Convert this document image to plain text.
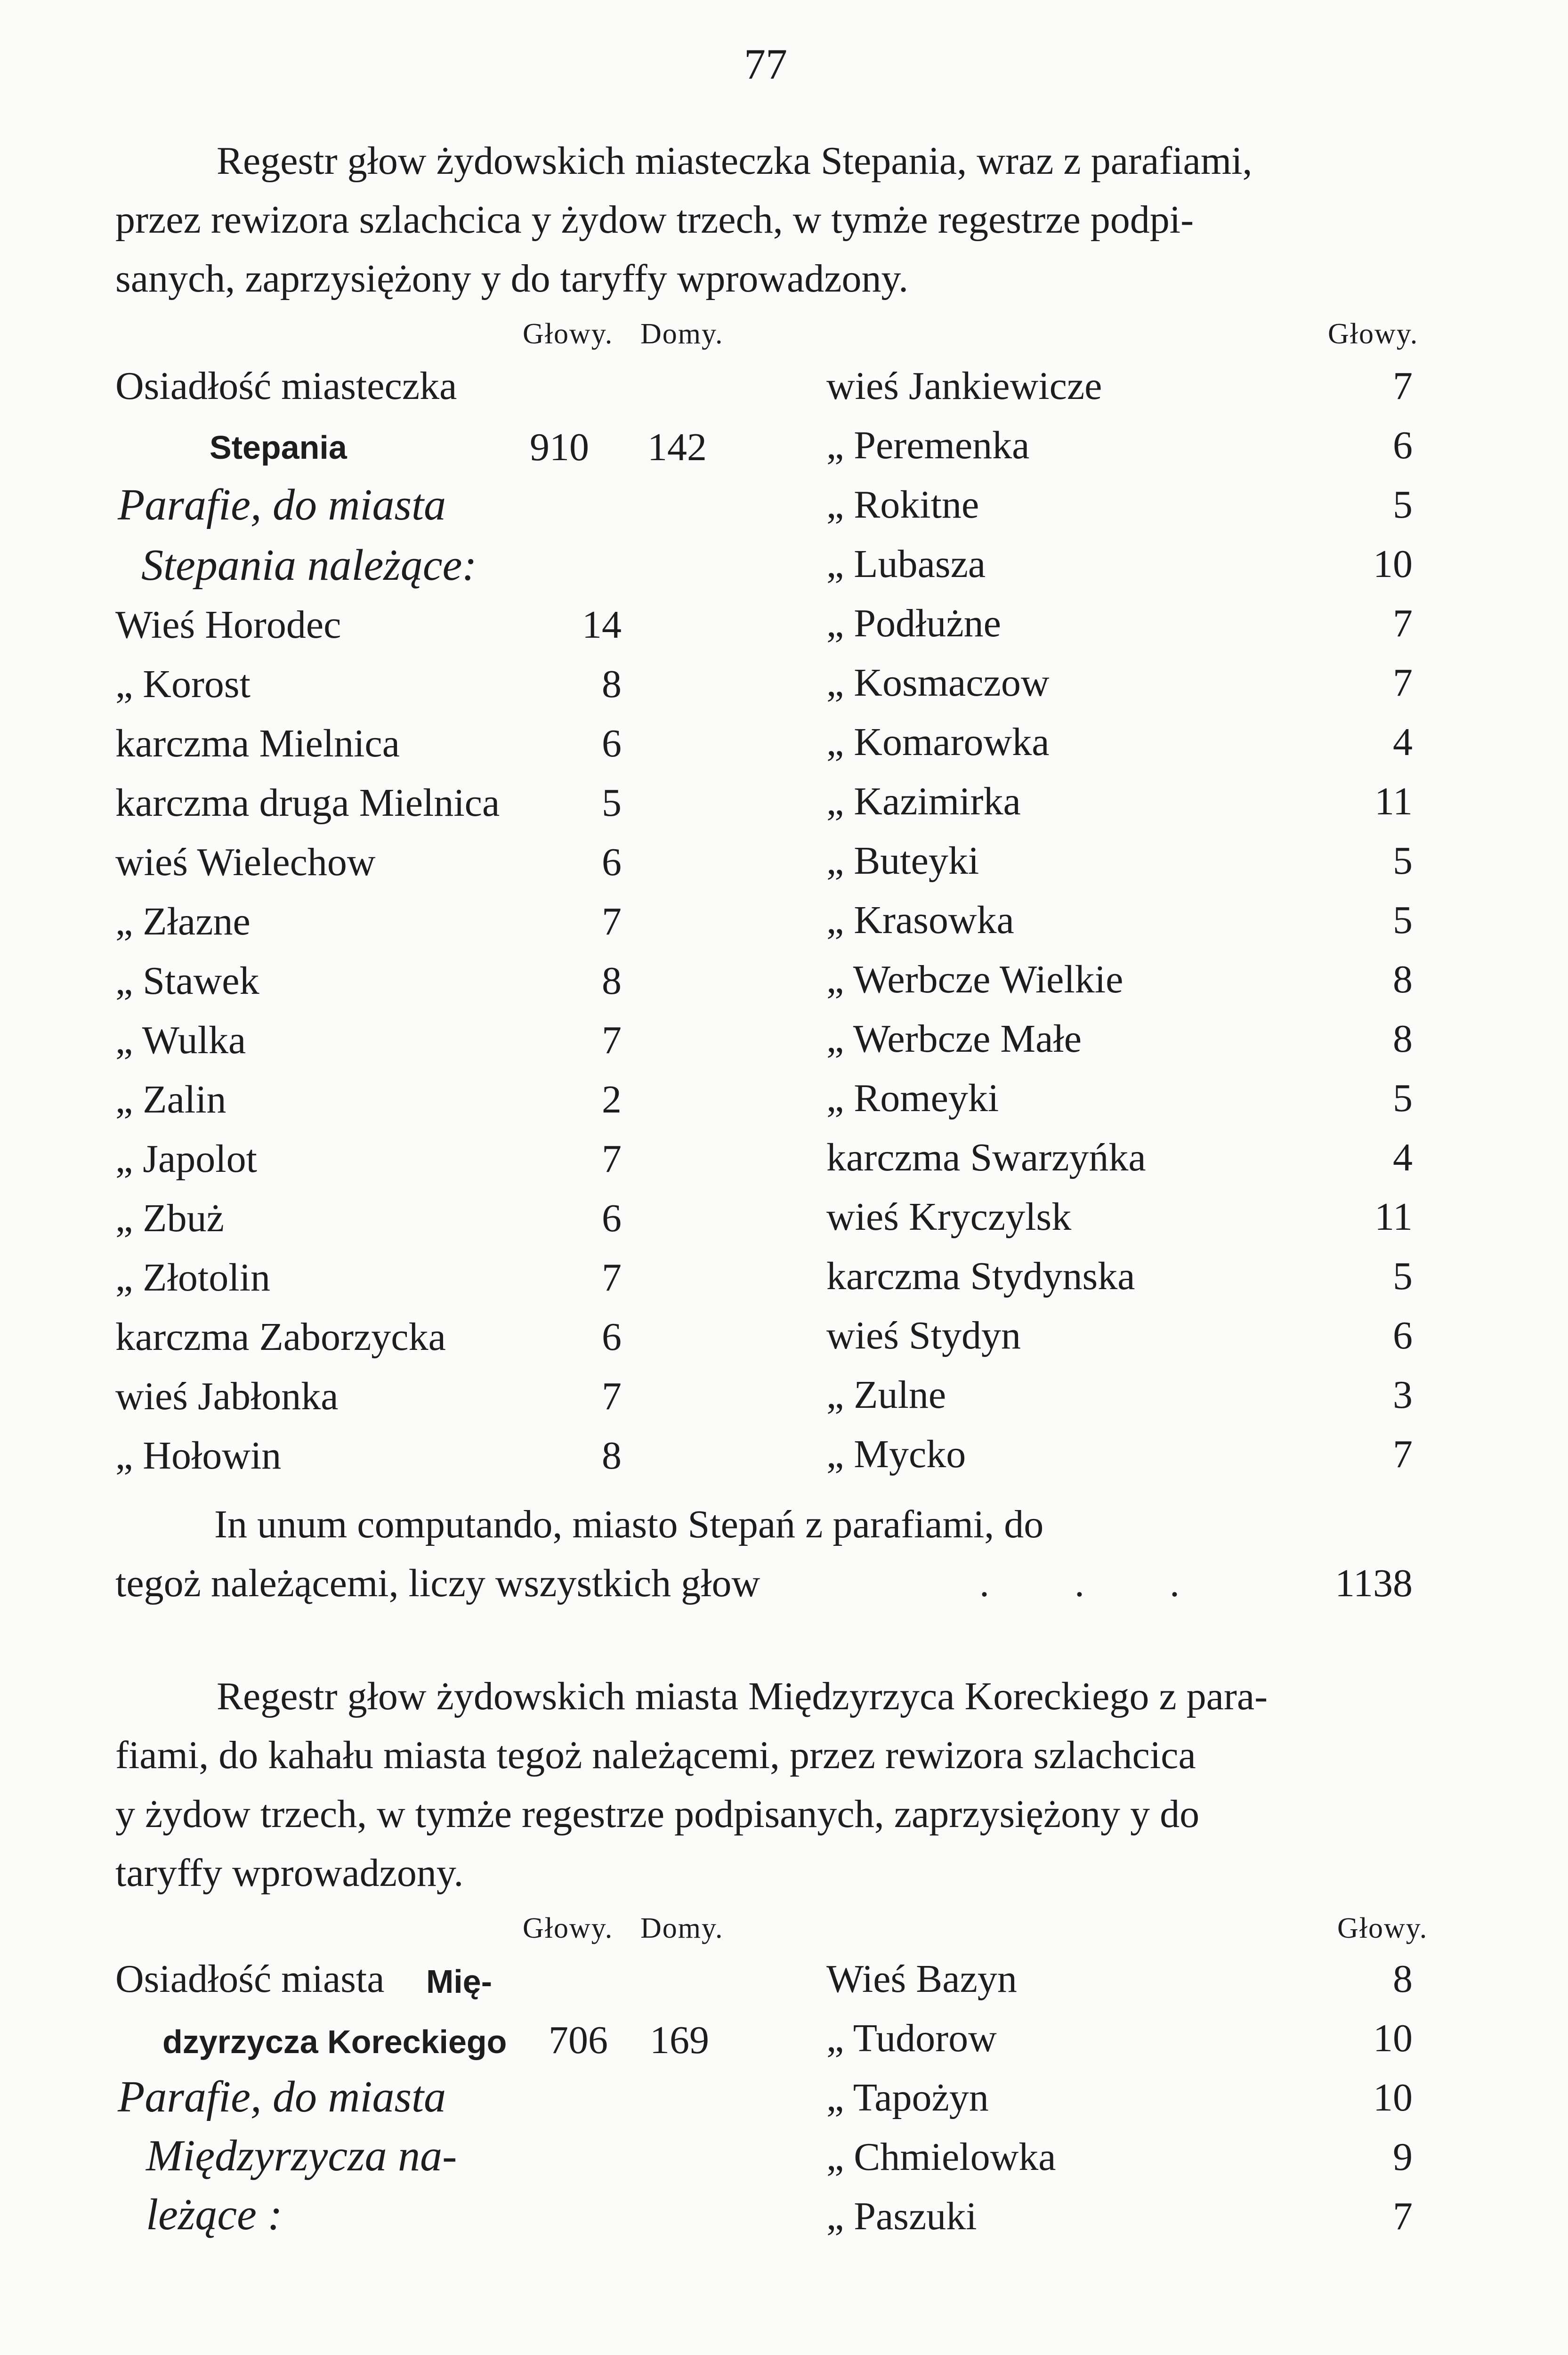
77
Regestr głow żydowskich miasteczka Stepania, wraz z parafiami,
przez rewizora szlachcica y żydow trzech, w tymże regestrze podpi-
sanych, zaprzysiężony y do taryffy wprowadzony.
Głowy. Domy.	Głowy.
Osiadłość miasteczka
Stepania	910 142
Parafie, do miasta
Stepania należące:
Wieś Horodec	14
„ Korost	8
karczma Mielnica	6
karczma druga Mielnica	5
wieś Wielechow	6
„ Złazne	7
„ Stawek	8
„ Wulka	7
„ Zalin	2
„ Japolot	7
„ Zbuż	6
„ Złotolin	7
karczma Zaborzycka	6
wieś Jabłonka	7
„ Hołowin	8
wieś Jankiewicze	7
„ Peremenka	6
„ Rokitne	5
„ Lubasza	10
„ Podłużne	7
„ Kosmaczow	7
„ Komarowka	4
„ Kazimirka	11
„ Buteyki	5
„ Krasowka	5
„ Werbcze Wielkie	8
„ Werbcze Małe	8
„ Romeyki	5
karczma Swarzyńka	4
wieś Kryczylsk	11
karczma Stydynska	5
wieś Stydyn	6
„ Zulne	3
„ Mycko	7
In unum computando, miasto Stepań z parafiami, do
tegoż należącemi, liczy wszystkich głow	. . .	1138
Regestr głow żydowskich miasta Międzyrzyca Koreckiego z para-
fiami, do kahału miasta tegoż należącemi, przez rewizora szlachcica
y żydow trzech, w tymże regestrze podpisanych, zaprzysiężony y do
taryffy wprowadzony.
Głowy. Domy.	Głowy.
Osiadłość miasta Mię-
dzyrzycza Koreckiego 706 169
Parafie, do miasta
Międzyrzycza na-
leżące :
Wieś Bazyn	8
„ Tudorow	10
„ Tapożyn	10
„ Chmielowka	9
„ Paszuki	7
